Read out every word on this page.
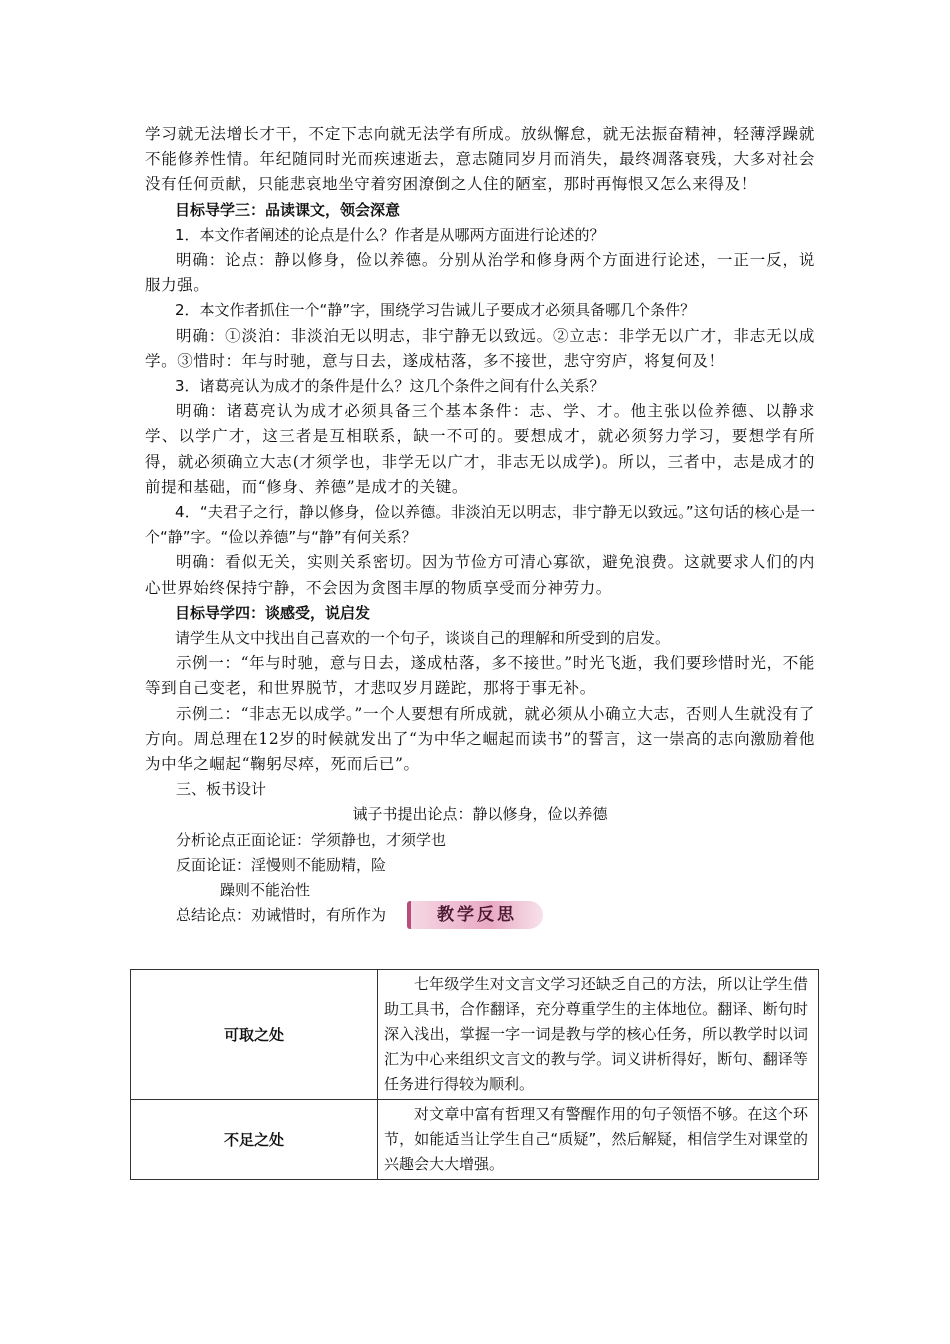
学习就无法增长才干，不定下志向就无法学有所成。放纵懈怠，就无法振奋精神，轻薄浮躁就不能修养性情。年纪随同时光而疾速逝去，意志随同岁月而消失，最终凋落衰残，大多对社会没有任何贡献，只能悲哀地坐守着穷困潦倒之人住的陋室，那时再悔恨又怎么来得及！

目标导学三：品读课文，领会深意

1．本文作者阐述的论点是什么？作者是从哪两方面进行论述的？

明确：论点：静以修身，俭以养德。分别从治学和修身两个方面进行论述，一正一反，说服力强。

2．本文作者抓住一个“静”字，围绕学习告诫儿子要成才必须具备哪几个条件？

明确：①淡泊：非淡泊无以明志，非宁静无以致远。②立志：非学无以广才，非志无以成学。③惜时：年与时驰，意与日去，遂成枯落，多不接世，悲守穷庐，将复何及！

3．诸葛亮认为成才的条件是什么？这几个条件之间有什么关系？

明确：诸葛亮认为成才必须具备三个基本条件：志、学、才。他主张以俭养德、以静求学、以学广才，这三者是互相联系，缺一不可的。要想成才，就必须努力学习，要想学有所得，就必须确立大志(才须学也，非学无以广才，非志无以成学)。所以，三者中，志是成才的前提和基础，而“修身、养德”是成才的关键。

4．“夫君子之行，静以修身，俭以养德。非淡泊无以明志，非宁静无以致远。”这句话的核心是一个“静”字。“俭以养德”与“静”有何关系？

明确：看似无关，实则关系密切。因为节俭方可清心寡欲，避免浪费。这就要求人们的内心世界始终保持宁静，不会因为贪图丰厚的物质享受而分神劳力。

目标导学四：谈感受，说启发

请学生从文中找出自己喜欢的一个句子，谈谈自己的理解和所受到的启发。

示例一：“年与时驰，意与日去，遂成枯落，多不接世。”时光飞逝，我们要珍惜时光，不能等到自己变老，和世界脱节，才悲叹岁月蹉跎，那将于事无补。

示例二：“非志无以成学。”一个人要想有所成就，就必须从小确立大志，否则人生就没有了方向。周总理在12岁的时候就发出了“为中华之崛起而读书”的誓言，这一崇高的志向激励着他为中华之崛起“鞠躬尽瘁，死而后已”。

三、板书设计
诫子书提出论点：静以修身，俭以养德
分析论点正面论证：学须静也，才须学也
反面论证：淫慢则不能励精，险
躁则不能治性
总结论点：劝诫惜时，有所作为	教学反思
可取之处	七年级学生对文言文学习还缺乏自己的方法，所以让学生借助工具书，合作翻译，充分尊重学生的主体地位。翻译、断句时深入浅出，掌握一字一词是教与学的核心任务，所以教学时以词汇为中心来组织文言文的教与学。词义讲析得好，断句、翻译等任务进行得较为顺利。
不足之处	对文章中富有哲理又有警醒作用的句子领悟不够。在这个环节，如能适当让学生自己“质疑”，然后解疑，相信学生对课堂的兴趣会大大增强。
